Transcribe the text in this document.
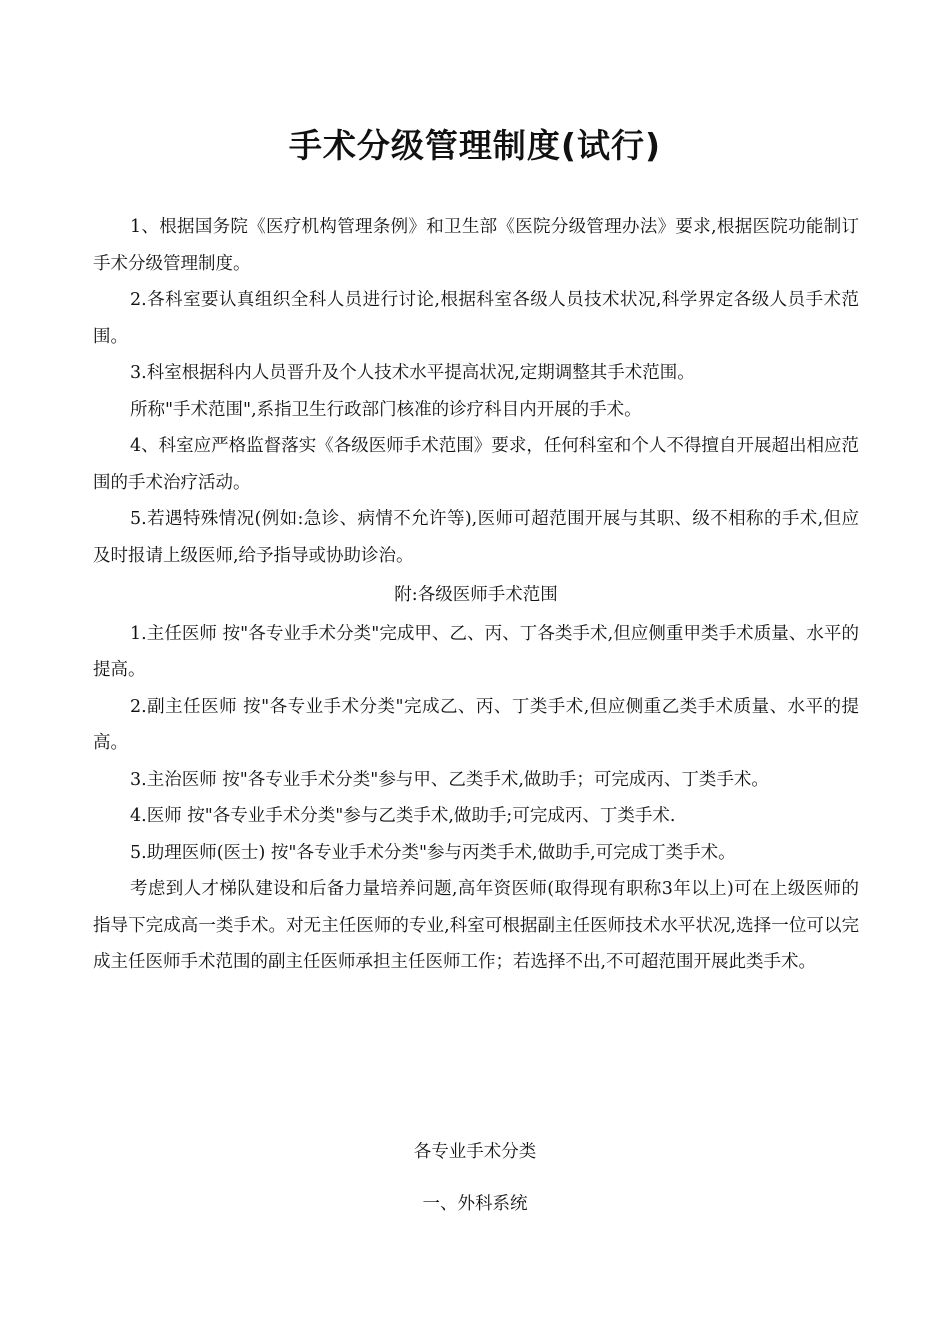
手术分级管理制度(试行)

1、根据国务院《医疗机构管理条例》和卫生部《医院分级管理办法》要求,根据医院功能制订手术分级管理制度。

2.各科室要认真组织全科人员进行讨论,根据科室各级人员技术状况,科学界定各级人员手术范围。

3.科室根据科内人员晋升及个人技术水平提高状况,定期调整其手术范围。

所称"手术范围",系指卫生行政部门核准的诊疗科目内开展的手术。

4、科室应严格监督落实《各级医师手术范围》要求，任何科室和个人不得擅自开展超出相应范围的手术治疗活动。

5.若遇特殊情况(例如:急诊、病情不允许等),医师可超范围开展与其职、级不相称的手术,但应及时报请上级医师,给予指导或协助诊治。

附:各级医师手术范围

1.主任医师 按"各专业手术分类"完成甲、乙、丙、丁各类手术,但应侧重甲类手术质量、水平的提高。

2.副主任医师 按"各专业手术分类"完成乙、丙、丁类手术,但应侧重乙类手术质量、水平的提高。

3.主治医师 按"各专业手术分类"参与甲、乙类手术,做助手；可完成丙、丁类手术。

4.医师 按"各专业手术分类"参与乙类手术,做助手;可完成丙、丁类手术.

5.助理医师(医士) 按"各专业手术分类"参与丙类手术,做助手,可完成丁类手术。

考虑到人才梯队建设和后备力量培养问题,高年资医师(取得现有职称3年以上)可在上级医师的指导下完成高一类手术。对无主任医师的专业,科室可根据副主任医师技术水平状况,选择一位可以完成主任医师手术范围的副主任医师承担主任医师工作；若选择不出,不可超范围开展此类手术。

各专业手术分类

一、外科系统
